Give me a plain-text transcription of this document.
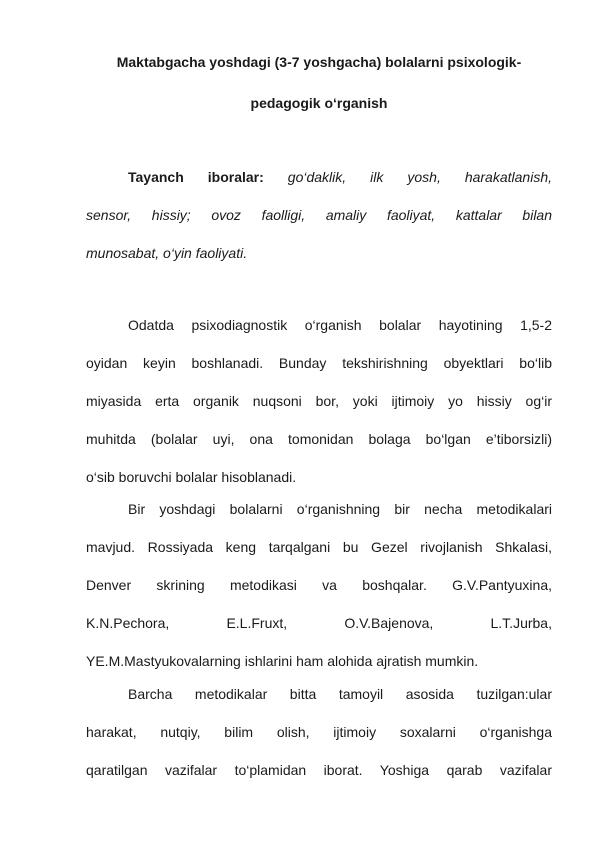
Maktabgacha yoshdagi (3-7 yoshgacha) bolalarni psixologik-

pedagogik o‘rganish

Tayanch iboralar: go‘daklik, ilk yosh, harakatlanish,
sensor, hissiy; ovoz faolligi, amaliy faoliyat, kattalar bilan
munosabat, o‘yin faoliyati.
Odatda psixodiagnostik o‘rganish bolalar hayotining 1,5-2
oyidan keyin boshlanadi. Bunday tekshirishning obyektlari bo‘lib
miyasida erta organik nuqsoni bor, yoki ijtimoiy yo hissiy og‘ir
muhitda (bolalar uyi, ona tomonidan bolaga bo‘lgan e’tiborsizli)
o‘sib boruvchi bolalar hisoblanadi.
Bir yoshdagi bolalarni o‘rganishning bir necha metodikalari
mavjud. Rossiyada keng tarqalgani bu Gezel rivojlanish Shkalasi,
Denver skrining metodikasi va boshqalar. G.V.Pantyuxina,
K.N.Pechora, E.L.Fruxt, O.V.Bajenova, L.T.Jurba,
YE.M.Mastyukovalarning ishlarini ham alohida ajratish mumkin.
Barcha metodikalar bitta tamoyil asosida tuzilgan:ular
harakat, nutqiy, bilim olish, ijtimoiy soxalarni o‘rganishga
qaratilgan vazifalar to‘plamidan iborat. Yoshiga qarab vazifalar
